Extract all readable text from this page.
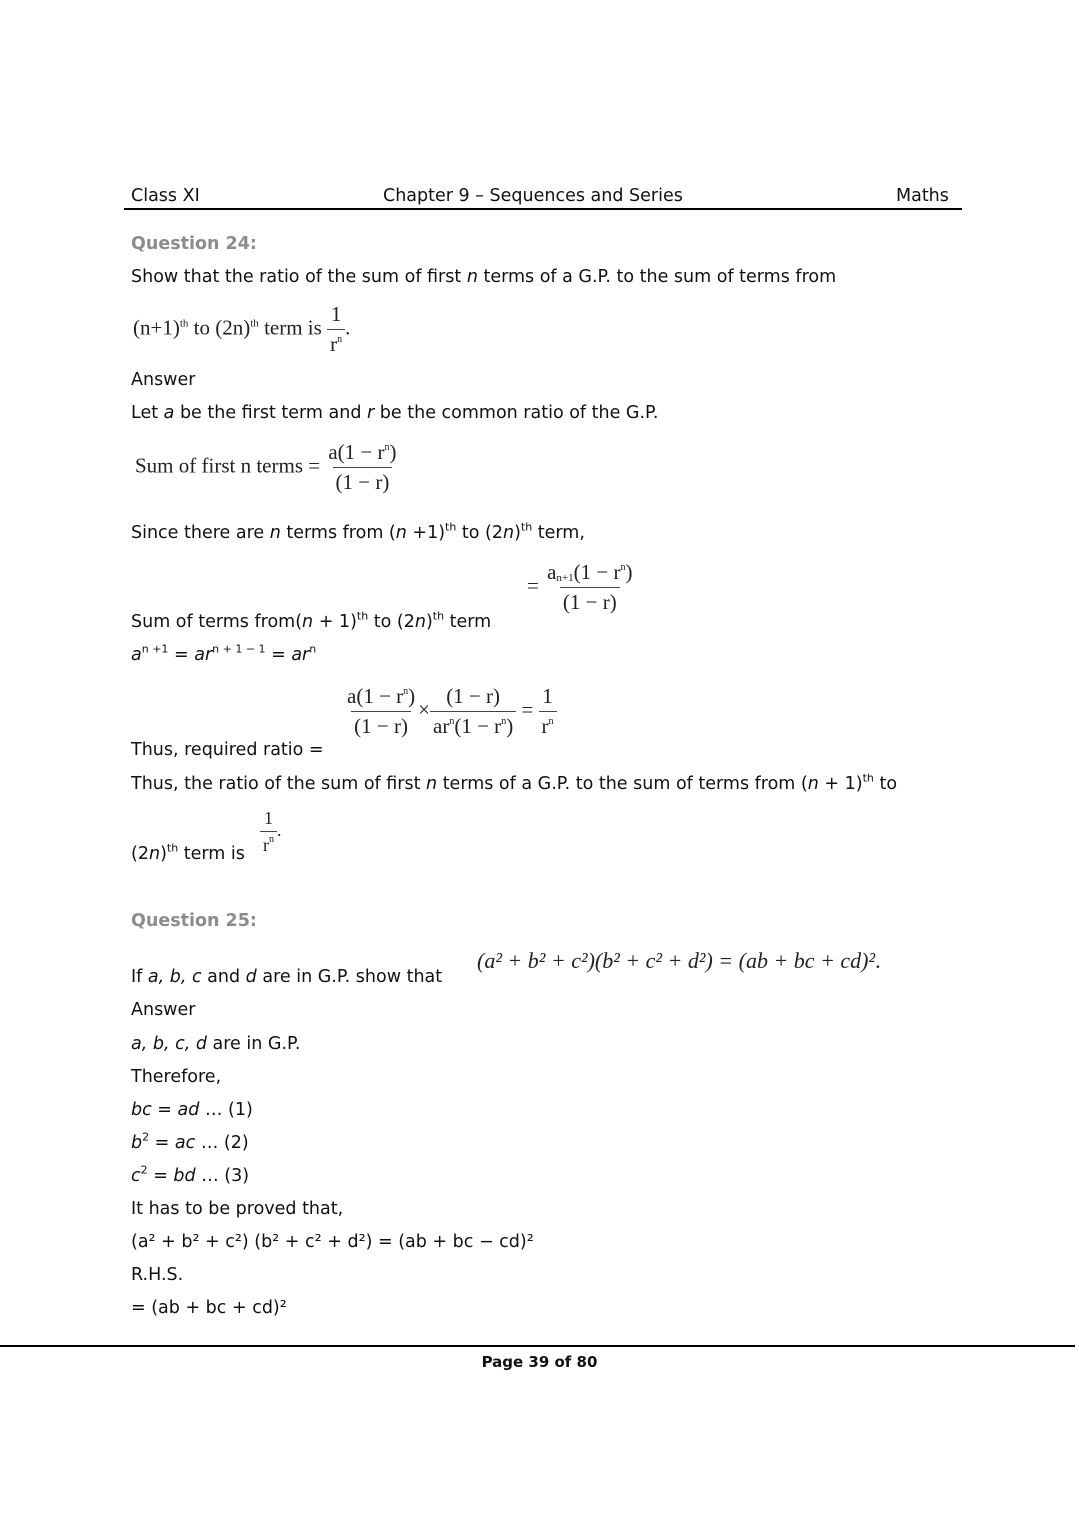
Class XI	Chapter 9 – Sequences and Series	Maths
Question 24:
Show that the ratio of the sum of first n terms of a G.P. to the sum of terms from
$(n+1)^{th}$ to $(2n)^{th}$ term is $\frac{1}{r^n}$ .
Answer
Let a be the first term and r be the common ratio of the G.P.
Sum of first n terms = $\frac{a(1 - r^n)}{(1 - r)}$
Since there are n terms from $(n +1)^{th}$ to $(2n)^{th}$ term,
= $\frac{a_{n+1}(1 - r^n)}{(1 - r)}$
Sum of terms from(n + 1)$^{th}$ to $(2n)^{th}$ term
$a^{n +1} = ar^{n + 1 - 1} = ar^n$
$\frac{a(1 - r^n)}{(1 - r)} \times \frac{(1 - r)}{ar^n(1 - r^n)} = \frac{1}{r^n}$
Thus, required ratio =
Thus, the ratio of the sum of first n terms of a G.P. to the sum of terms from $(n + 1)^{th}$ to
$(2n)^{th}$ term is $\frac{1}{r^n}$ .
Question 25:
If a, b, c and d are in G.P. show that
(a² + b² + c²)(b² + c² + d²) = (ab + bc + cd)².
Answer
a, b, c, d are in G.P.
Therefore,
bc = ad … (1)
$b^2$ = ac … (2)
$c^2$ = bd … (3)
It has to be proved that,
(a² + b² + c²) (b² + c² + d²) = (ab + bc − cd)²
R.H.S.
= (ab + bc + cd)²
Page 39 of 80
